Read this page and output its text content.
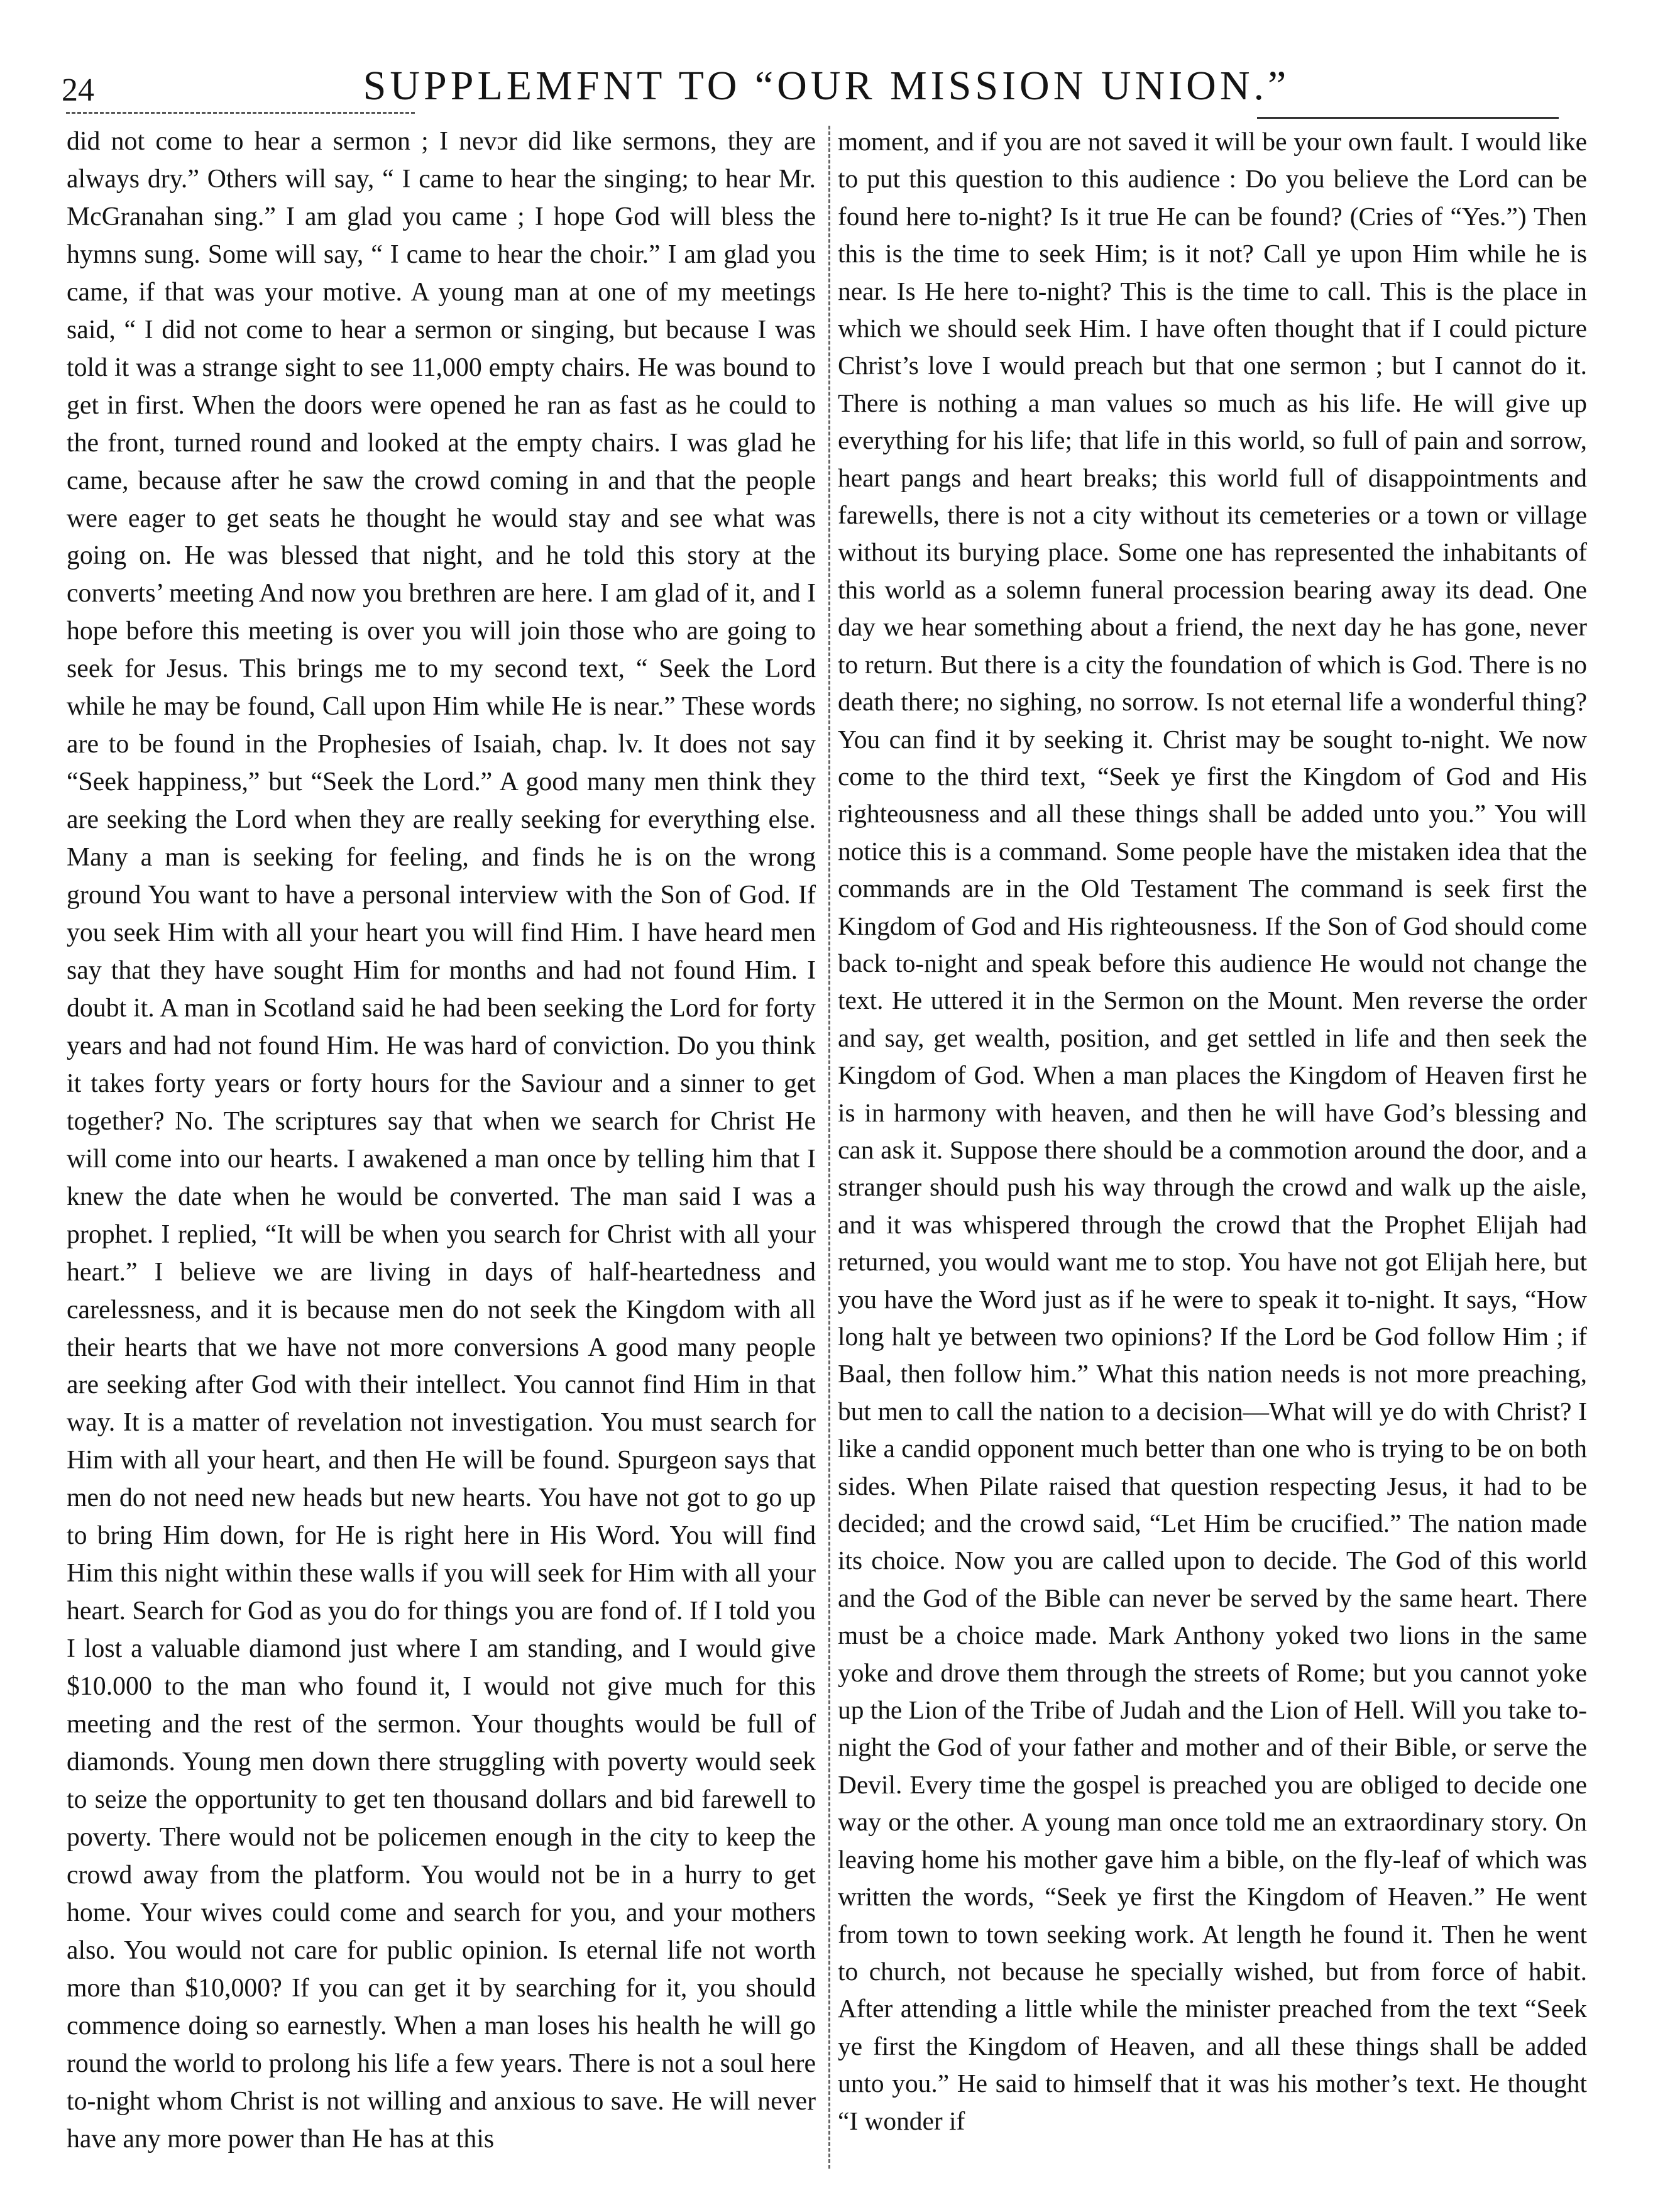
24	SUPPLEMFNT TO “OUR MISSION UNION.”

did not come to hear a sermon ; I nevɔr did like sermons, they are always dry.” Others will say, “ I came to hear the singing; to hear Mr. McGranahan sing.” I am glad you came ; I hope God will bless the hymns sung. Some will say, “ I came to hear the choir.” I am glad you came, if that was your motive. A young man at one of my meetings said, “ I did not come to hear a sermon or singing, but because I was told it was a strange sight to see 11,000 empty chairs. He was bound to get in first. When the doors were opened he ran as fast as he could to the front, turned round and looked at the empty chairs. I was glad he came, because after he saw the crowd coming in and that the people were eager to get seats he thought he would stay and see what was going on. He was blessed that night, and he told this story at the converts’ meeting And now you brethren are here. I am glad of it, and I hope before this meeting is over you will join those who are going to seek for Jesus. This brings me to my second text, “ Seek the Lord while he may be found, Call upon Him while He is near.” These words are to be found in the Prophesies of Isaiah, chap. lv. It does not say “Seek happiness,” but “Seek the Lord.” A good many men think they are seeking the Lord when they are really seeking for everything else. Many a man is seeking for feeling, and finds he is on the wrong ground You want to have a personal interview with the Son of God. If you seek Him with all your heart you will find Him. I have heard men say that they have sought Him for months and had not found Him. I doubt it. A man in Scotland said he had been seeking the Lord for forty years and had not found Him. He was hard of conviction. Do you think it takes forty years or forty hours for the Saviour and a sinner to get together? No. The scriptures say that when we search for Christ He will come into our hearts. I awakened a man once by telling him that I knew the date when he would be converted. The man said I was a prophet. I replied, “It will be when you search for Christ with all your heart.” I believe we are living in days of half-heartedness and carelessness, and it is because men do not seek the Kingdom with all their hearts that we have not more conversions A good many people are seeking after God with their intellect. You cannot find Him in that way. It is a matter of revelation not investigation. You must search for Him with all your heart, and then He will be found. Spurgeon says that men do not need new heads but new hearts. You have not got to go up to bring Him down, for He is right here in His Word. You will find Him this night within these walls if you will seek for Him with all your heart. Search for God as you do for things you are fond of. If I told you I lost a valuable diamond just where I am standing, and I would give $10.000 to the man who found it, I would not give much for this meeting and the rest of the sermon. Your thoughts would be full of diamonds. Young men down there struggling with poverty would seek to seize the opportunity to get ten thousand dollars and bid farewell to poverty. There would not be policemen enough in the city to keep the crowd away from the platform. You would not be in a hurry to get home. Your wives could come and search for you, and your mothers also. You would not care for public opinion. Is eternal life not worth more than $10,000? If you can get it by searching for it, you should commence doing so earnestly. When a man loses his health he will go round the world to prolong his life a few years. There is not a soul here to-night whom Christ is not willing and anxious to save. He will never have any more power than He has at this

moment, and if you are not saved it will be your own fault. I would like to put this question to this audience : Do you believe the Lord can be found here to-night? Is it true He can be found? (Cries of “Yes.”) Then this is the time to seek Him; is it not? Call ye upon Him while he is near. Is He here to-night? This is the time to call. This is the place in which we should seek Him. I have often thought that if I could picture Christ’s love I would preach but that one sermon ; but I cannot do it. There is nothing a man values so much as his life. He will give up everything for his life; that life in this world, so full of pain and sorrow, heart pangs and heart breaks; this world full of disappointments and farewells, there is not a city without its cemeteries or a town or village without its burying place. Some one has represented the inhabitants of this world as a solemn funeral procession bearing away its dead. One day we hear something about a friend, the next day he has gone, never to return. But there is a city the foundation of which is God. There is no death there; no sighing, no sorrow. Is not eternal life a wonderful thing? You can find it by seeking it. Christ may be sought to-night. We now come to the third text, “Seek ye first the Kingdom of God and His righteousness and all these things shall be added unto you.” You will notice this is a command. Some people have the mistaken idea that the commands are in the Old Testament The command is seek first the Kingdom of God and His righteousness. If the Son of God should come back to-night and speak before this audience He would not change the text. He uttered it in the Sermon on the Mount. Men reverse the order and say, get wealth, position, and get settled in life and then seek the Kingdom of God. When a man places the Kingdom of Heaven first he is in harmony with heaven, and then he will have God’s blessing and can ask it. Suppose there should be a commotion around the door, and a stranger should push his way through the crowd and walk up the aisle, and it was whispered through the crowd that the Prophet Elijah had returned, you would want me to stop. You have not got Elijah here, but you have the Word just as if he were to speak it to-night. It says, “How long halt ye between two opinions? If the Lord be God follow Him ; if Baal, then follow him.” What this nation needs is not more preaching, but men to call the nation to a decision—What will ye do with Christ? I like a candid opponent much better than one who is trying to be on both sides. When Pilate raised that question respecting Jesus, it had to be decided; and the crowd said, “Let Him be crucified.” The nation made its choice. Now you are called upon to decide. The God of this world and the God of the Bible can never be served by the same heart. There must be a choice made. Mark Anthony yoked two lions in the same yoke and drove them through the streets of Rome; but you cannot yoke up the Lion of the Tribe of Judah and the Lion of Hell. Will you take to-night the God of your father and mother and of their Bible, or serve the Devil. Every time the gospel is preached you are obliged to decide one way or the other. A young man once told me an extraordinary story. On leaving home his mother gave him a bible, on the fly-leaf of which was written the words, “Seek ye first the Kingdom of Heaven.” He went from town to town seeking work. At length he found it. Then he went to church, not because he specially wished, but from force of habit. After attending a little while the minister preached from the text “Seek ye first the Kingdom of Heaven, and all these things shall be added unto you.” He said to himself that it was his mother’s text. He thought “I wonder if
